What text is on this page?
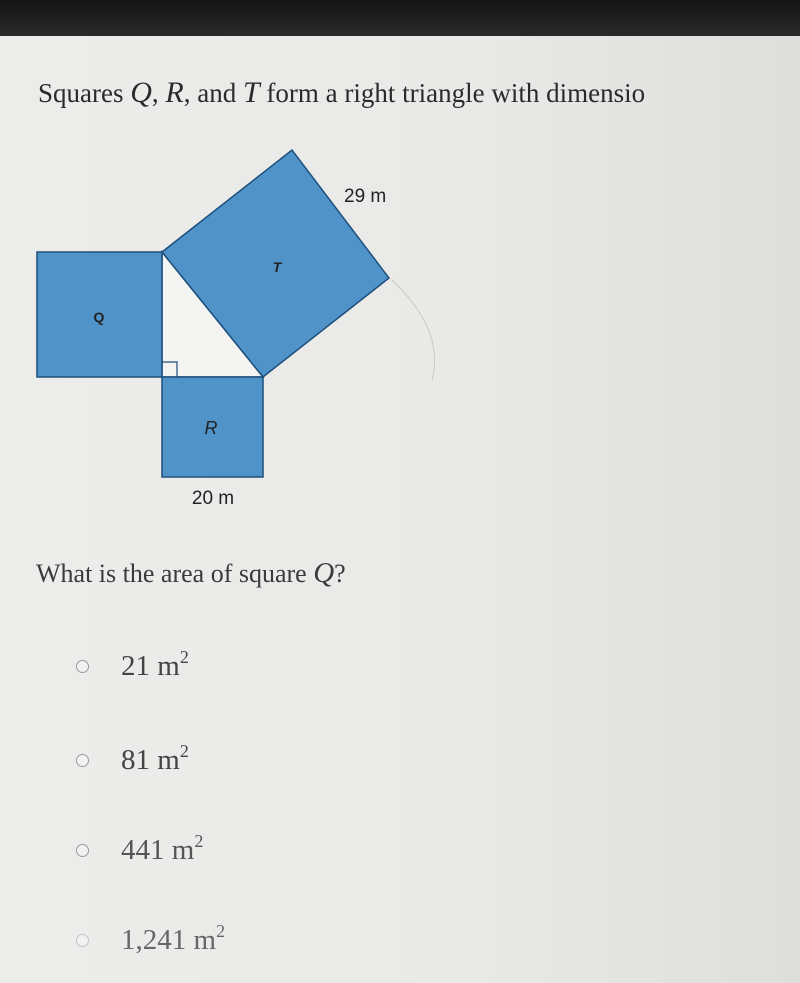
Squares Q, R, and T form a right triangle with dimensio
Q
R
T
29 m
20 m
What is the area of square Q?
21 $m^2$
81 $m^2$
441 $m^2$
1,241 $m^2$
